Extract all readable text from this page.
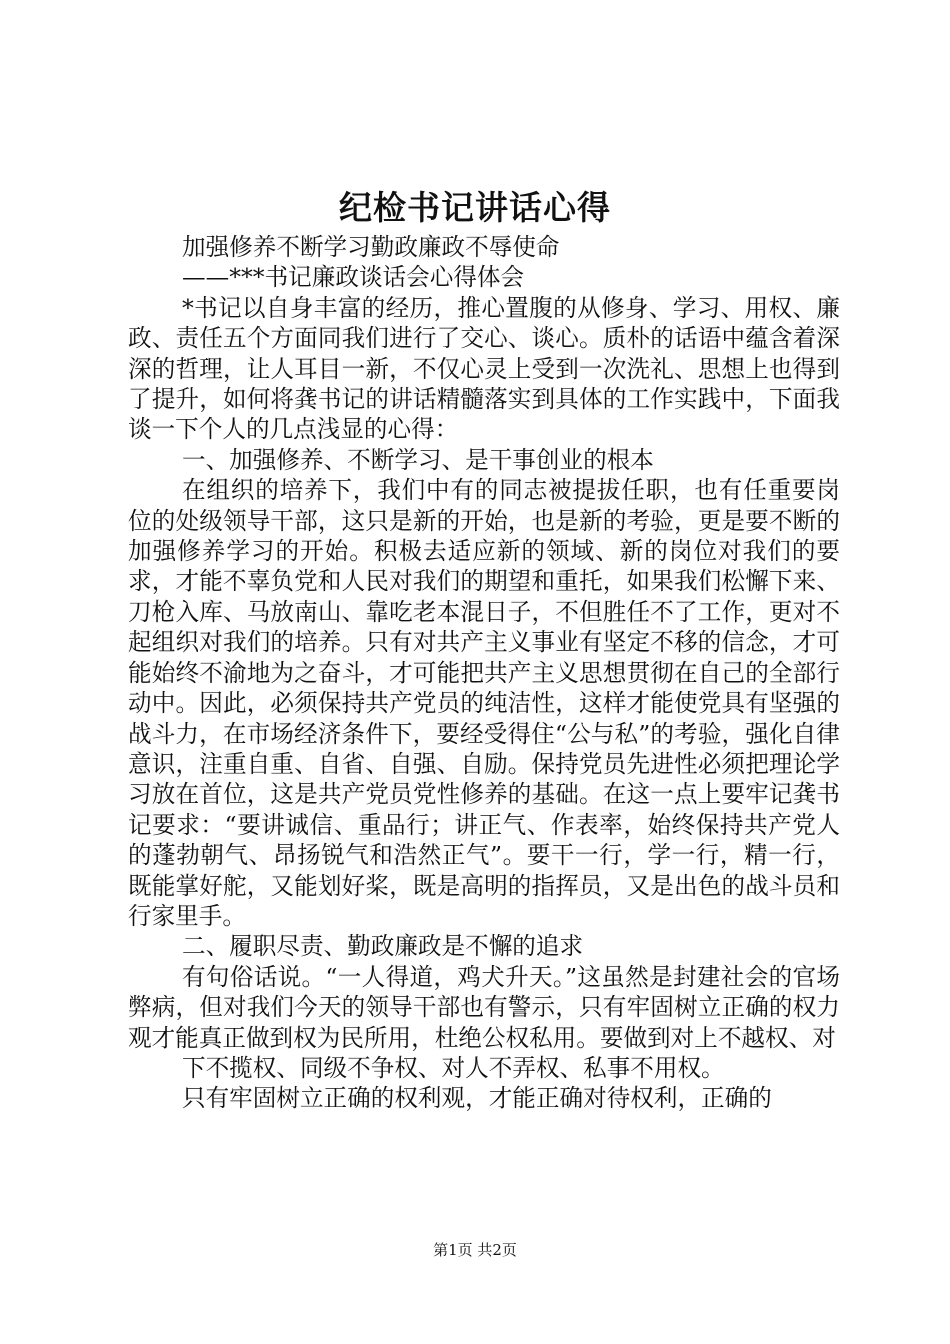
纪检书记讲话心得

加强修养不断学习勤政廉政不辱使命

——***书记廉政谈话会心得体会

*书记以自身丰富的经历，推心置腹的从修身、学习、用权、廉政、责任五个方面同我们进行了交心、谈心。质朴的话语中蕴含着深深的哲理，让人耳目一新，不仅心灵上受到一次洗礼、思想上也得到了提升，如何将龚书记的讲话精髓落实到具体的工作实践中，下面我谈一下个人的几点浅显的心得：

一、加强修养、不断学习、是干事创业的根本

在组织的培养下，我们中有的同志被提拔任职，也有任重要岗位的处级领导干部，这只是新的开始，也是新的考验，更是要不断的加强修养学习的开始。积极去适应新的领域、新的岗位对我们的要求，才能不辜负党和人民对我们的期望和重托，如果我们松懈下来、刀枪入库、马放南山、靠吃老本混日子，不但胜任不了工作，更对不起组织对我们的培养。只有对共产主义事业有坚定不移的信念，才可能始终不渝地为之奋斗，才可能把共产主义思想贯彻在自己的全部行动中。因此，必须保持共产党员的纯洁性，这样才能使党具有坚强的战斗力，在市场经济条件下，要经受得住“公与私”的考验，强化自律意识，注重自重、自省、自强、自励。保持党员先进性必须把理论学习放在首位，这是共产党员党性修养的基础。在这一点上要牢记龚书记要求：“要讲诚信、重品行；讲正气、作表率，始终保持共产党人的蓬勃朝气、昂扬锐气和浩然正气”。要干一行，学一行，精一行，既能掌好舵，又能划好桨，既是高明的指挥员，又是出色的战斗员和行家里手。

二、履职尽责、勤政廉政是不懈的追求

有句俗话说。“一人得道，鸡犬升天。”这虽然是封建社会的官场弊病，但对我们今天的领导干部也有警示，只有牢固树立正确的权力观才能真正做到权为民所用，杜绝公权私用。要做到对上不越权、对

下不揽权、同级不争权、对人不弄权、私事不用权。

只有牢固树立正确的权利观，才能正确对待权利，正确的

第1页 共2页
